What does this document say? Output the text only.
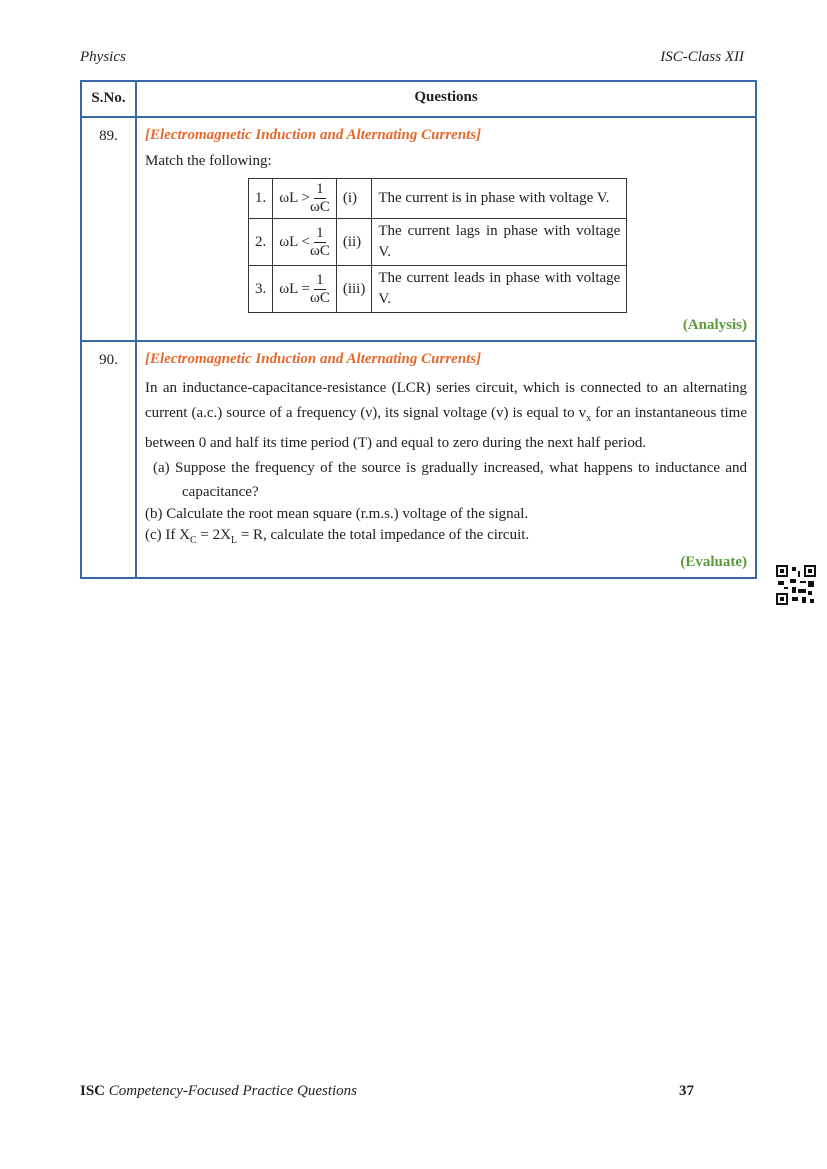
Physics	ISC-Class XII
S.No.	Questions
89.	[Electromagnetic Induction and Alternating Currents]

Match the following:

1.	$\omega L > \frac{1}{\omega C}$	(i)	The current is in phase with voltage V.
2.	$\omega L < \frac{1}{\omega C}$	(ii)	The current lags in phase with voltage V.
3.	$\omega L = \frac{1}{\omega C}$	(iii)	The current leads in phase with voltage V.
(Analysis)
90.	[Electromagnetic Induction and Alternating Currents]

In an inductance-capacitance-resistance (LCR) series circuit, which is connected to an alternating current (a.c.) source of a frequency (ν), its signal voltage (v) is equal to $v_x$ for an instantaneous time between 0 and half its time period (T) and equal to zero during the next half period.

(a) Suppose the frequency of the source is gradually increased, what happens to inductance and capacitance?

(b) Calculate the root mean square (r.m.s.) voltage of the signal.

(c) If $X_C = 2X_L = R$, calculate the total impedance of the circuit.

(Evaluate)
ISC Competency-Focused Practice Questions	37
